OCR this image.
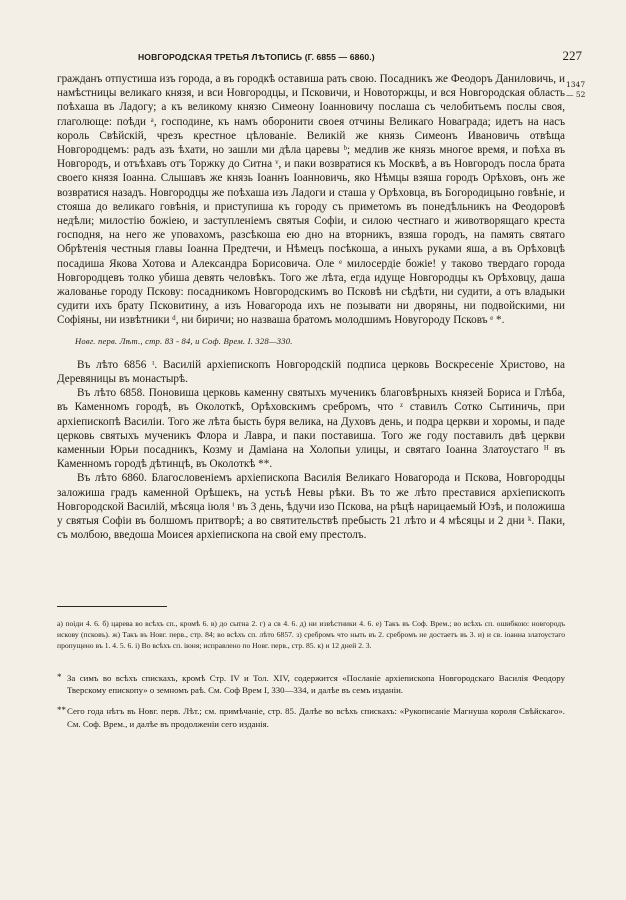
НОВГОРОДСКАЯ ТРЕТЬЯ ЛѢТОПИСЬ (Г. 6855 — 6860.)	227
1347
— 52

гражданъ отпустиша изъ города, а въ городкѣ оставиша рать свою. Посадникъ же Феодоръ Даниловичь, и намѣстницы великаго князя, и вси Новгородцы, и Псковичи, и Новоторжцы, и вся Новгородская область поѣхаша въ Ладогу; а къ великому князю Симеону Іоанновичу послаша съ челобитьемъ послы своя, глаголюще: поѣди ᵃ, господине, къ намъ оборонити своея отчины Великаго Новаграда; идетъ на насъ король Свѣйскій, чрезъ крестное цѣлованіе. Великій же князь Симеонъ Ивановичь отвѣща Новгородцемъ: радъ азъ ѣхати, но зашли ми дѣла царевы ᵇ; медлив же князь многое время, и поѣха въ Новгородъ, и отъѣхавъ отъ Торжку до Ситна ᵛ, и паки возвратися къ Москвѣ, а въ Новгородъ посла брата своего князя Іоанна. Слышавъ же князь Іоаннъ Іоанновичь, яко Нѣмцы взяша городъ Орѣховъ, онъ же возвратися назадъ. Новгородцы же поѣхаша изъ Ладоги и сташа у Орѣховца, въ Богородицыно говѣніе, и стояша до великаго говѣнія, и приступиша къ городу съ приметомъ въ понедѣльникъ на Феодоровѣ недѣли; милостію божіею, и заступленіемъ святыя Софіи, и силою честнаго и животворящаго креста господня, на него же уповахомъ, разсѣкоша ею дно на вторникъ, взяша городъ, на память святаго Обрѣтенія честныя главы Іоанна Предтечи, и Нѣмецъ посѣкоша, а иныхъ руками яша, а въ Орѣховцѣ посадиша Якова Хотова и Александра Борисовича. Оле ᵉ милосердіе божіе! у таково твердаго города Новгородцевъ толко убиша девять человѣкъ. Того же лѣта, егда идуще Новгородцы къ Орѣховцу, даша жалованье городу Пскову: посадникомъ Новгородскимъ во Псковѣ ни сѣдѣти, ни судити, а отъ владыки судити ихъ брату Псковитину, а изъ Новагорода ихъ не позывати ни дворяны, ни подвойскими, ни Софіяны, ни извѣтники ᵈ, ни биричи; но назваша братомъ молодшимъ Новугороду Псковъ ᵉ *.

Новг. перв. Лѣт., стр. 83 - 84, и Соф. Врем. I. 328—330.

Въ лѣто 6856 ᵗ. Василій архіепископъ Новгородскій подписа церковь Воскресеніе Христово, на Деревяницы въ монастырѣ.

Въ лѣто 6858. Поновиша церковь каменну святыхъ мученикъ благовѣрныхъ князей Бориса и Глѣба, въ Каменномъ городѣ, въ Околоткѣ, Орѣховскимъ сребромъ, что ᶻ ставилъ Сотко Сытиничь, при архіепископѣ Василіи. Того же лѣта бысть буря велика, на Духовъ день, и подра церкви и хоромы, и паде церковь святыхъ мученикъ Флора и Лавра, и паки поставиша. Того же году поставилъ двѣ церкви каменныи Юрьи посадникъ, Козму и Даміана на Холопьи улицы, и святаго Іоанна Златоустаго ᴴ въ Каменномъ городѣ дѣтинцѣ, въ Околоткѣ **.

Въ лѣто 6860. Благословеніемъ архіепископа Василія Великаго Новагорода и Пскова, Новгородцы заложиша градъ каменной Орѣшекъ, на устьѣ Невы рѣки. Въ то же лѣто преставися архіепископъ Новгородской Василій, мѣсяца іюля ⁱ въ 3 день, ѣдучи изо Пскова, на рѣцѣ нарицаемый Юзѣ, и положиша у святыя Софіи въ болшомъ притворѣ; а во святительствѣ пребысть 21 лѣто и 4 мѣсяцы и 2 дни ᵏ. Паки, съ молбою, введоша Моисея архіепископа на свой ему престолъ.

а) поіди 4. 6. б) царева во всѣхъ сп., кромѣ 6. в) до сытна 2. г) а св 4. 6. д) ни извѣстники 4. 6. е) Такъ въ Соф. Врем.; во всѣхъ сп. ошибкою: новгородъ искову (псковъ). ж) Такъ въ Новг. перв., стр. 84; во всѣхъ сп. лѣто 6857. з) сребромъ что ныть въ 2. сребромъ не достаетъ въ 3. и) и св. іоанна златоустаго пропущено въ 1. 4. 5. 6. і) Во всѣхъ сп. іюня; исправлено по Новг. перв., стр. 85. к) и 12 дней 2. 3.

* За симъ во всѣхъ спискахъ, кромѣ Стр. IV и Тол. XIV, содержится «Посланіе архіепископа Новгородскаго Василія Феодору Тверскому епископу» о земномъ раѣ. См. Соф Врем I, 330—334, и далѣе въ семъ изданіи.

** Сего года нѣтъ въ Новг. перв. Лѣт.; см. примѣчаніе, стр. 85. Далѣе во всѣхъ спискахъ: «Рукописаніе Магнуша короля Свѣйскаго». См. Соф. Врем., и далѣе въ продолженіи сего изданія.
